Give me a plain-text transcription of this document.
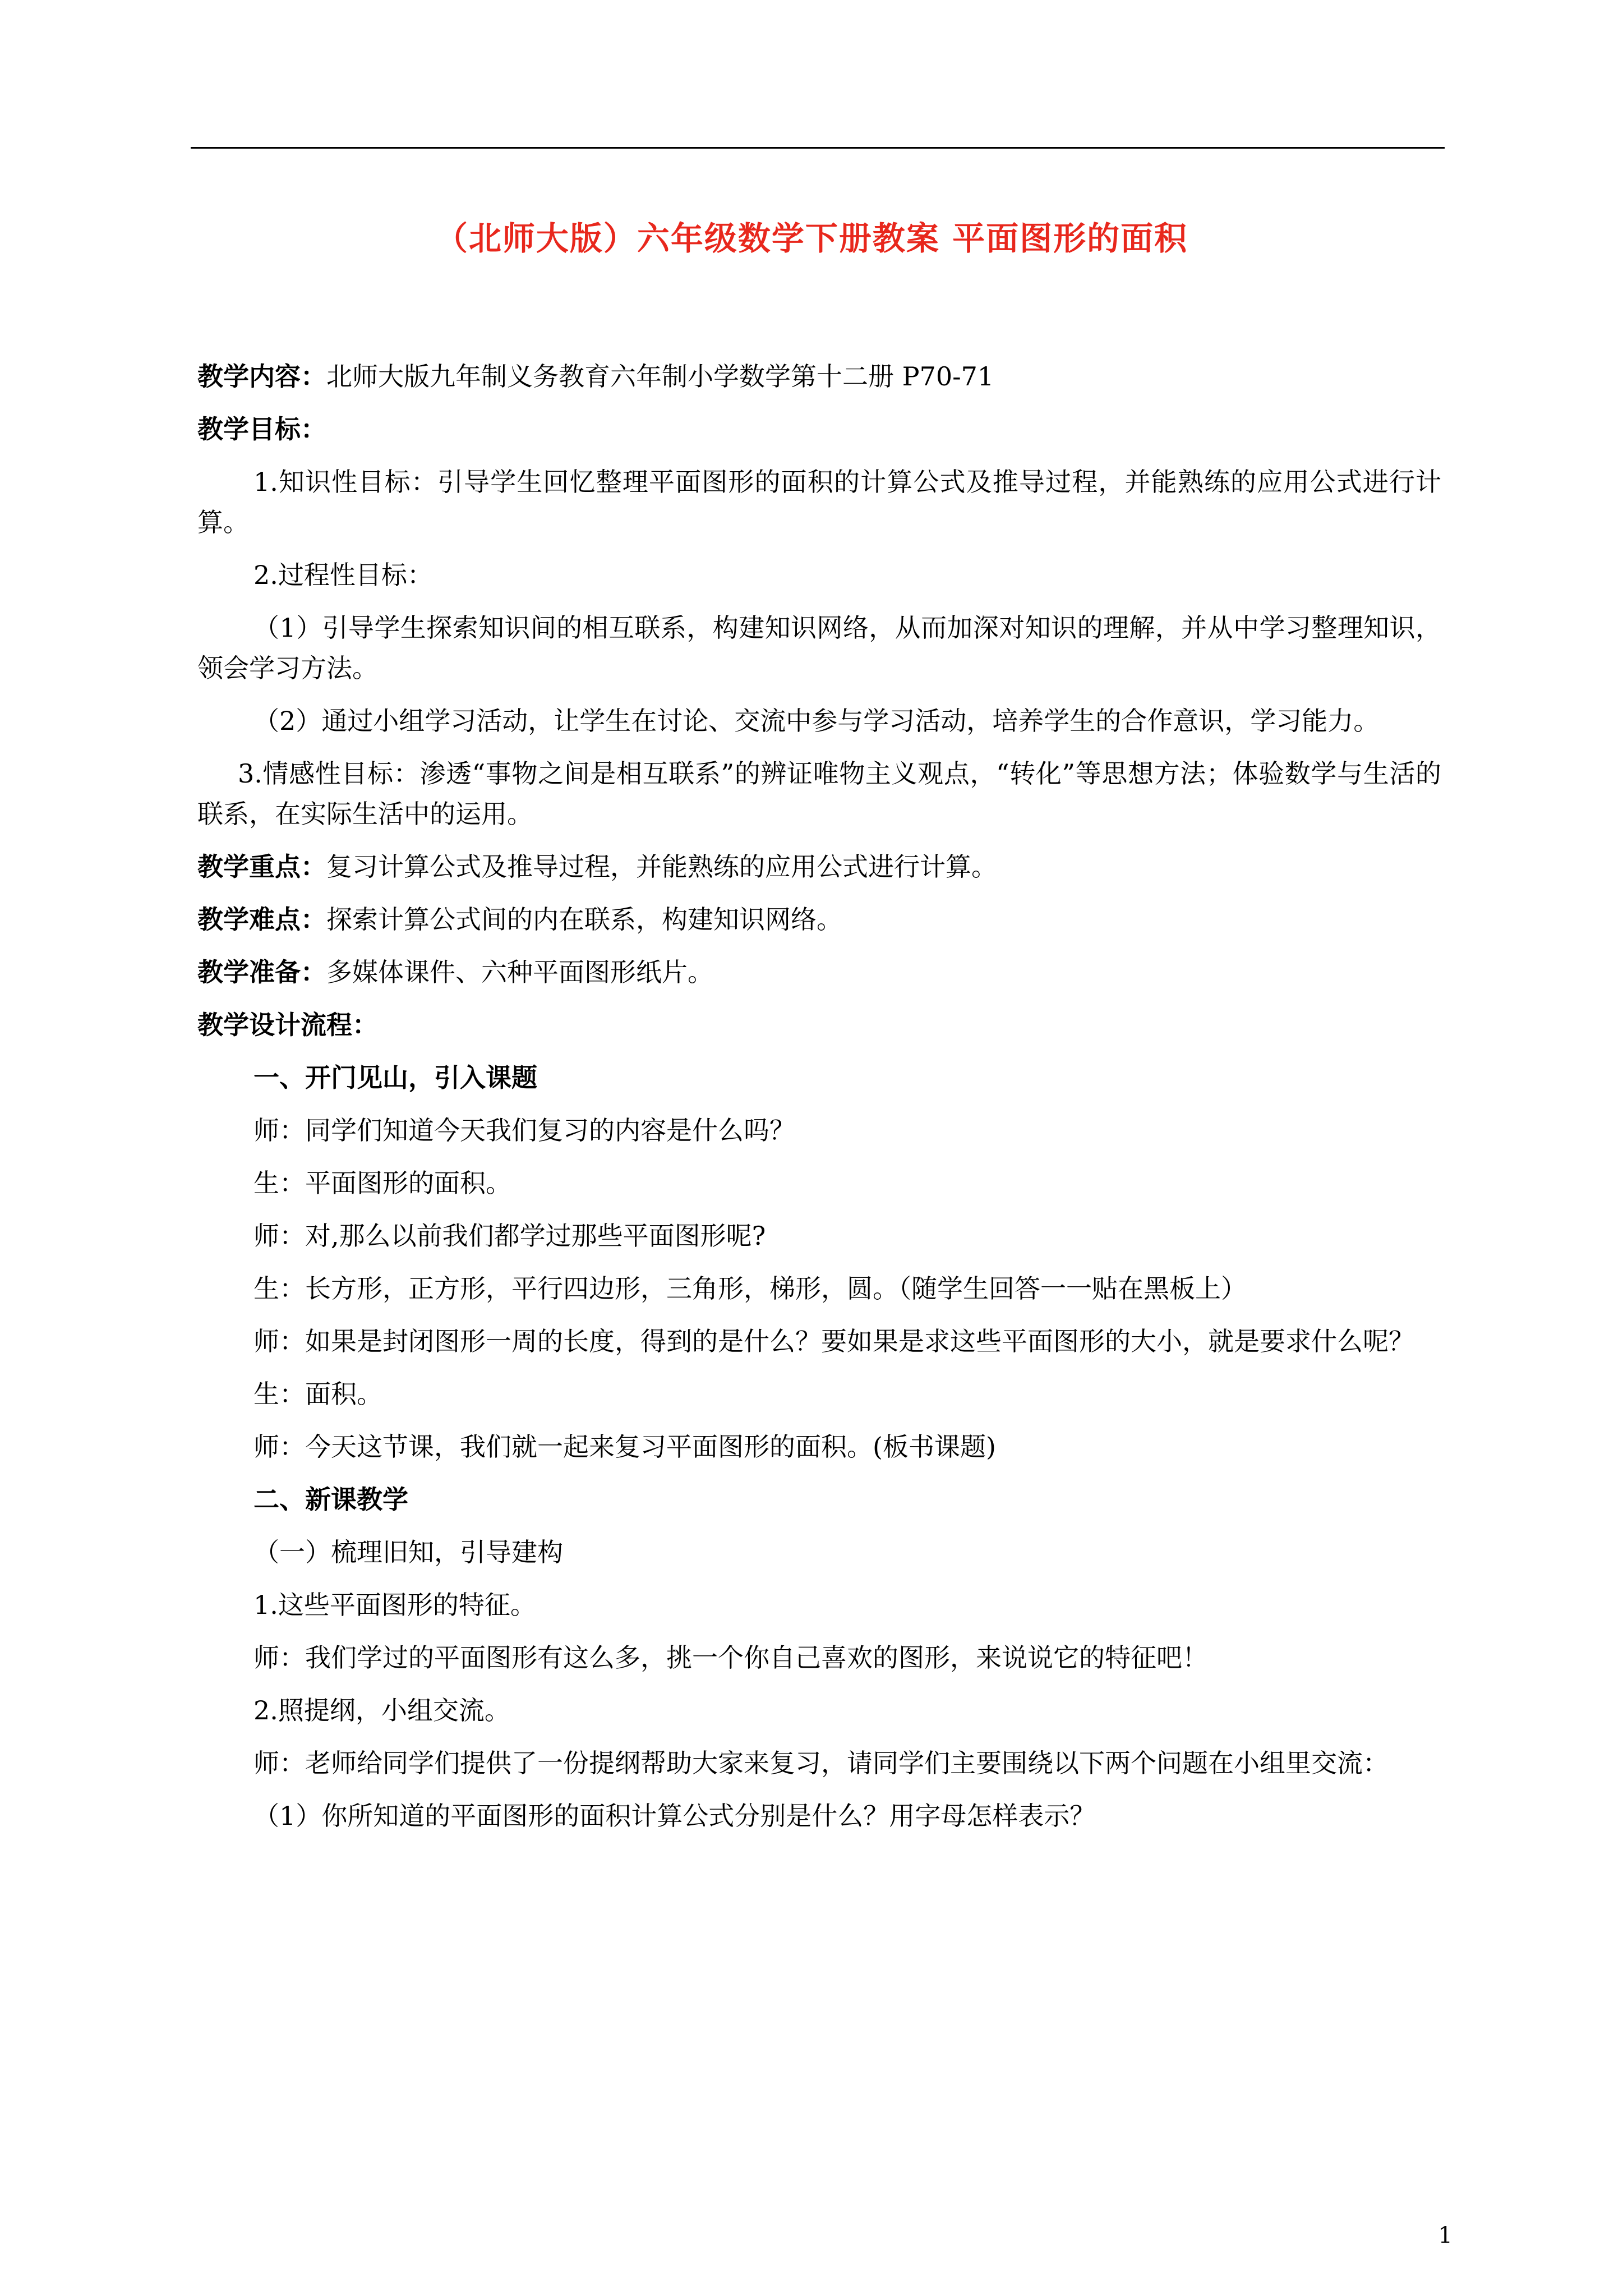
（北师大版）六年级数学下册教案 平面图形的面积

教学内容：北师大版九年制义务教育六年制小学数学第十二册 P70-71

教学目标：

1.知识性目标：引导学生回忆整理平面图形的面积的计算公式及推导过程，并能熟练的应用公式进行计算。

2.过程性目标：

（1）引导学生探索知识间的相互联系，构建知识网络，从而加深对知识的理解，并从中学习整理知识，领会学习方法。

（2）通过小组学习活动，让学生在讨论、交流中参与学习活动，培养学生的合作意识，学习能力。

3.情感性目标：渗透“事物之间是相互联系”的辨证唯物主义观点，“转化”等思想方法；体验数学与生活的联系，在实际生活中的运用。

教学重点：复习计算公式及推导过程，并能熟练的应用公式进行计算。

教学难点：探索计算公式间的内在联系，构建知识网络。

教学准备：多媒体课件、六种平面图形纸片。

教学设计流程：

一、开门见山，引入课题

师：同学们知道今天我们复习的内容是什么吗？

生：平面图形的面积。

师：对,那么以前我们都学过那些平面图形呢?

生：长方形，正方形，平行四边形，三角形，梯形，圆。（随学生回答一一贴在黑板上）

师：如果是封闭图形一周的长度，得到的是什么？要如果是求这些平面图形的大小，就是要求什么呢？

生：面积。

师：今天这节课，我们就一起来复习平面图形的面积。(板书课题)

二、新课教学

（一）梳理旧知，引导建构

1.这些平面图形的特征。

师：我们学过的平面图形有这么多，挑一个你自己喜欢的图形，来说说它的特征吧！

2.照提纲，小组交流。

师：老师给同学们提供了一份提纲帮助大家来复习，请同学们主要围绕以下两个问题在小组里交流：

（1）你所知道的平面图形的面积计算公式分别是什么？用字母怎样表示？

1
